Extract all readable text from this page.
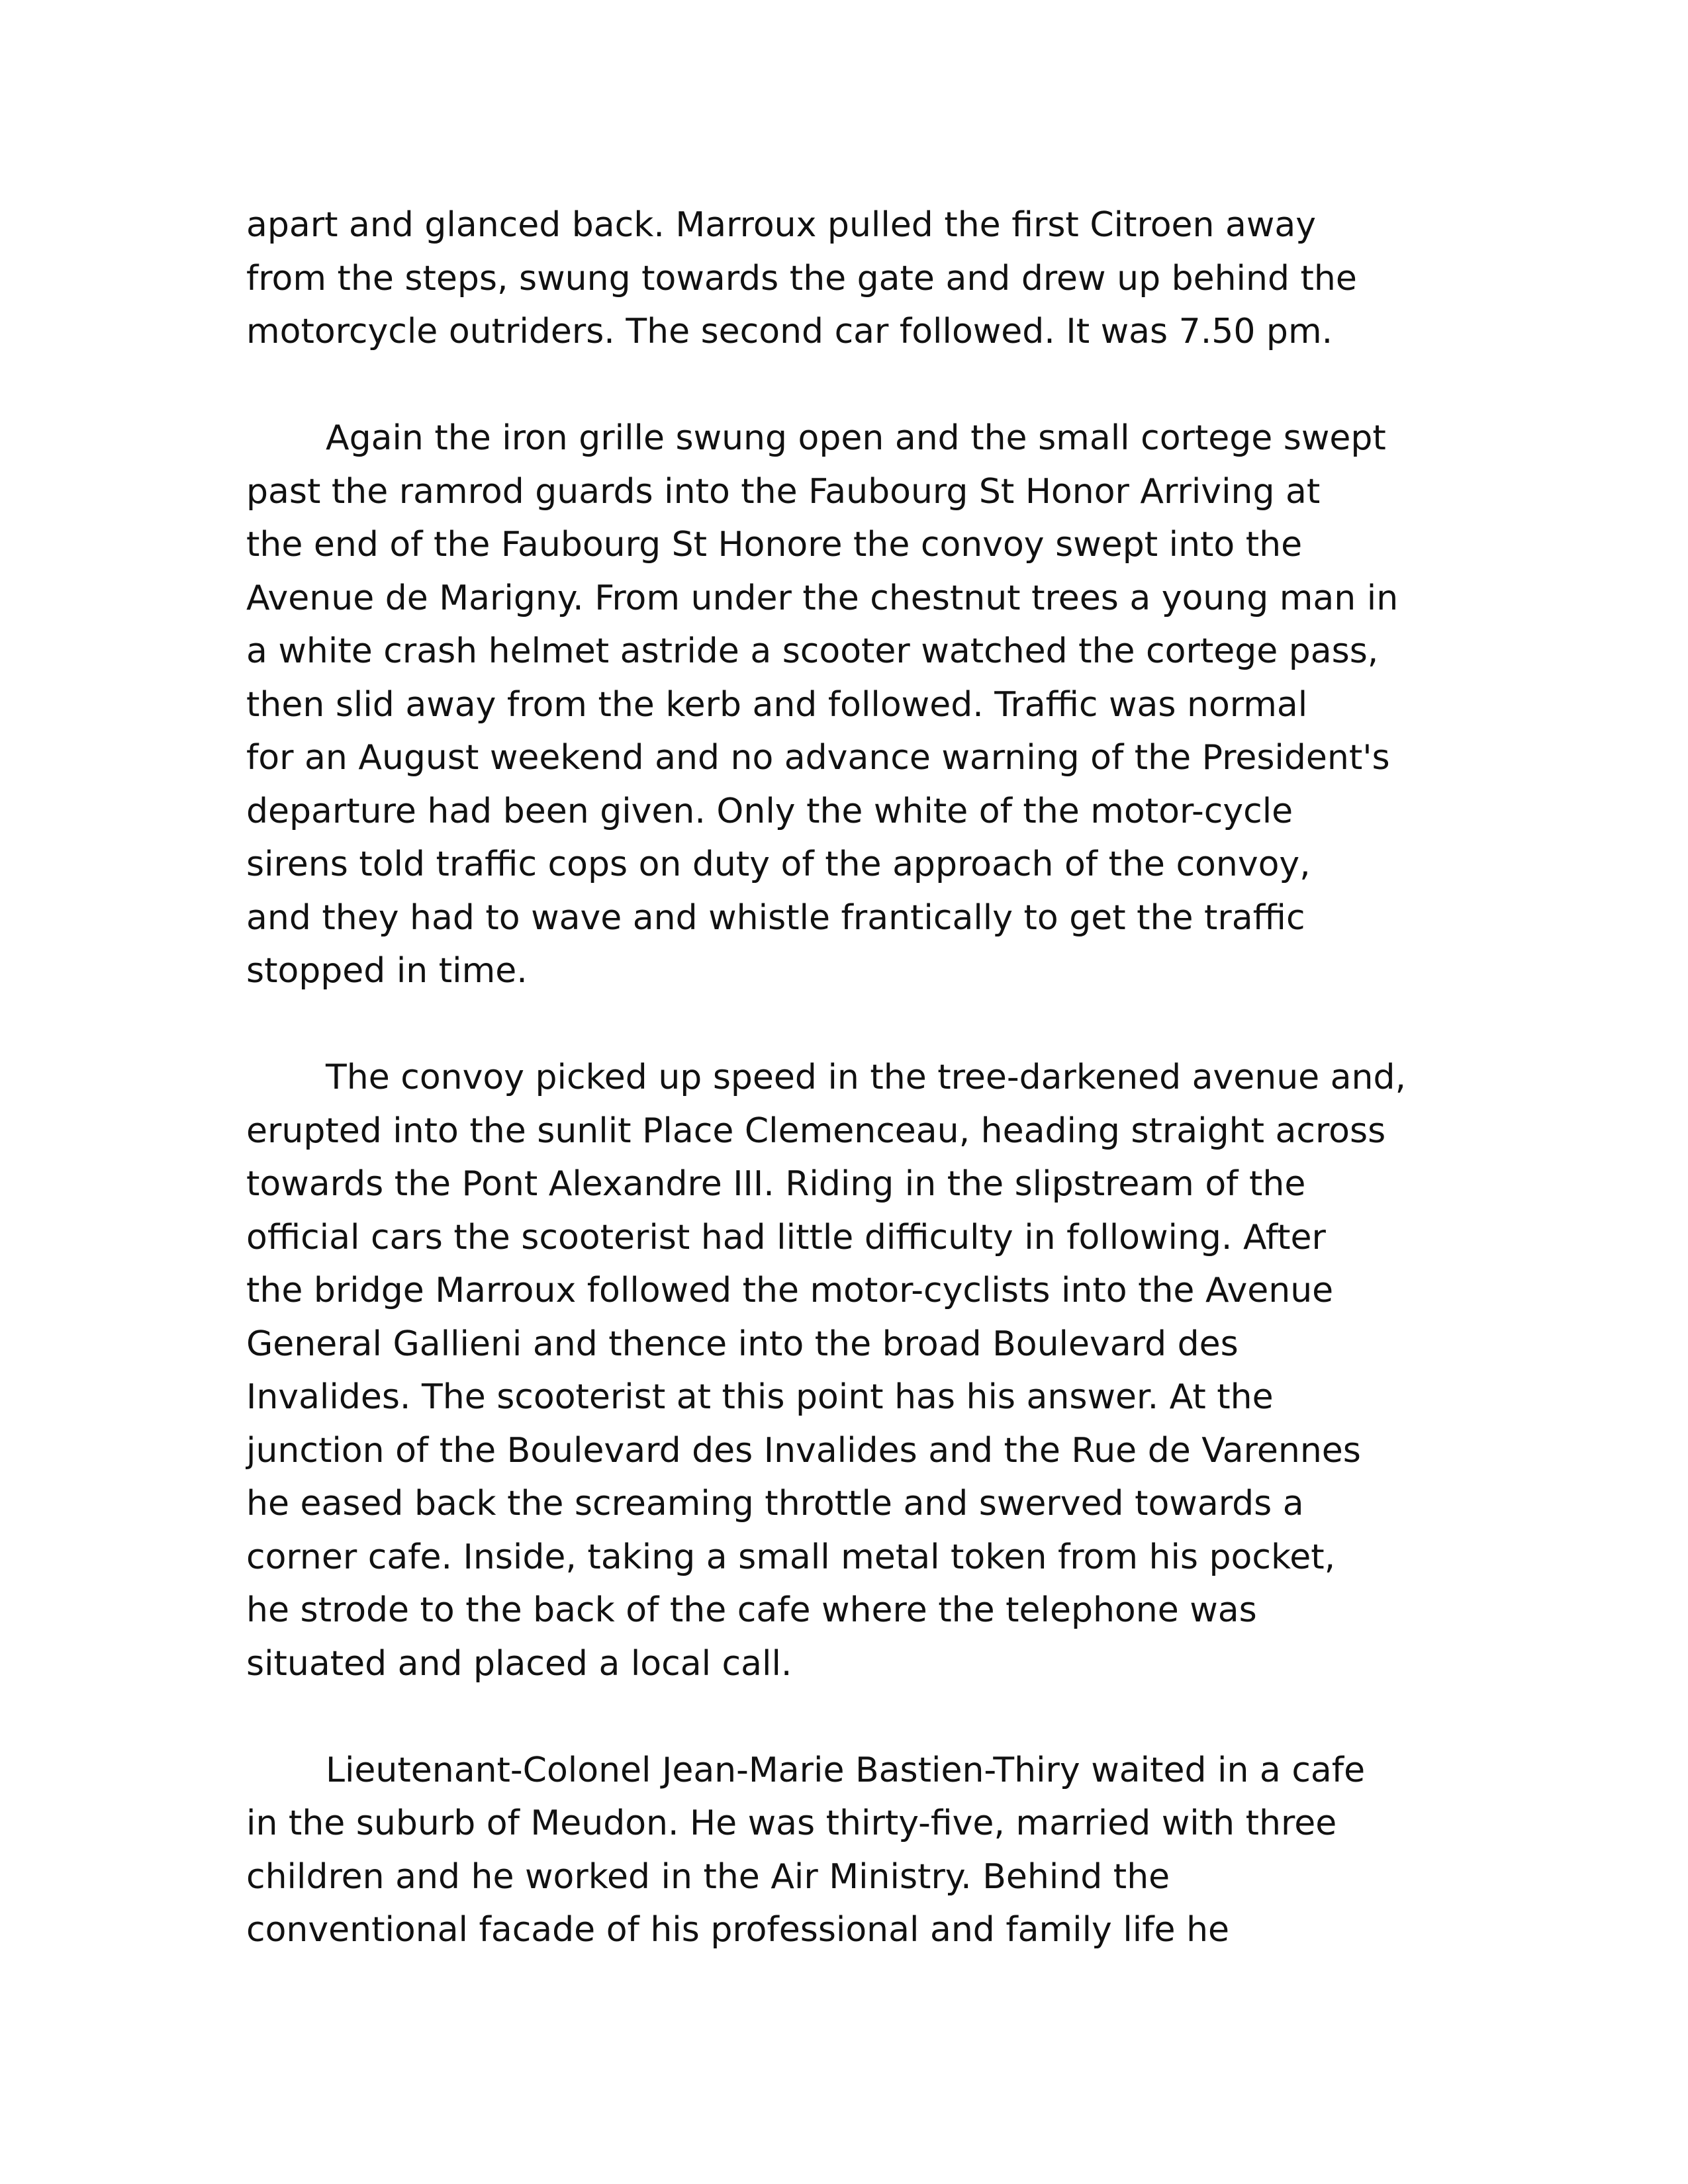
apart and glanced back. Marroux pulled the first Citroen away
from the steps, swung towards the gate and drew up behind the
motorcycle outriders. The second car followed. It was 7.50 pm.
Again the iron grille swung open and the small cortege swept
past the ramrod guards into the Faubourg St Honor Arriving at
the end of the Faubourg St Honore the convoy swept into the
Avenue de Marigny. From under the chestnut trees a young man in
a white crash helmet astride a scooter watched the cortege pass,
then slid away from the kerb and followed. Traffic was normal
for an August weekend and no advance warning of the President's
departure had been given. Only the white of the motor-cycle
sirens told traffic cops on duty of the approach of the convoy,
and they had to wave and whistle frantically to get the traffic
stopped in time.
The convoy picked up speed in the tree-darkened avenue and,
erupted into the sunlit Place Clemenceau, heading straight across
towards the Pont Alexandre III. Riding in the slipstream of the
official cars the scooterist had little difficulty in following. After
the bridge Marroux followed the motor-cyclists into the Avenue
General Gallieni and thence into the broad Boulevard des
Invalides. The scooterist at this point has his answer. At the
junction of the Boulevard des Invalides and the Rue de Varennes
he eased back the screaming throttle and swerved towards a
corner cafe. Inside, taking a small metal token from his pocket,
he strode to the back of the cafe where the telephone was
situated and placed a local call.
Lieutenant-Colonel Jean-Marie Bastien-Thiry waited in a cafe
in the suburb of Meudon. He was thirty-five, married with three
children and he worked in the Air Ministry. Behind the
conventional facade of his professional and family life he
